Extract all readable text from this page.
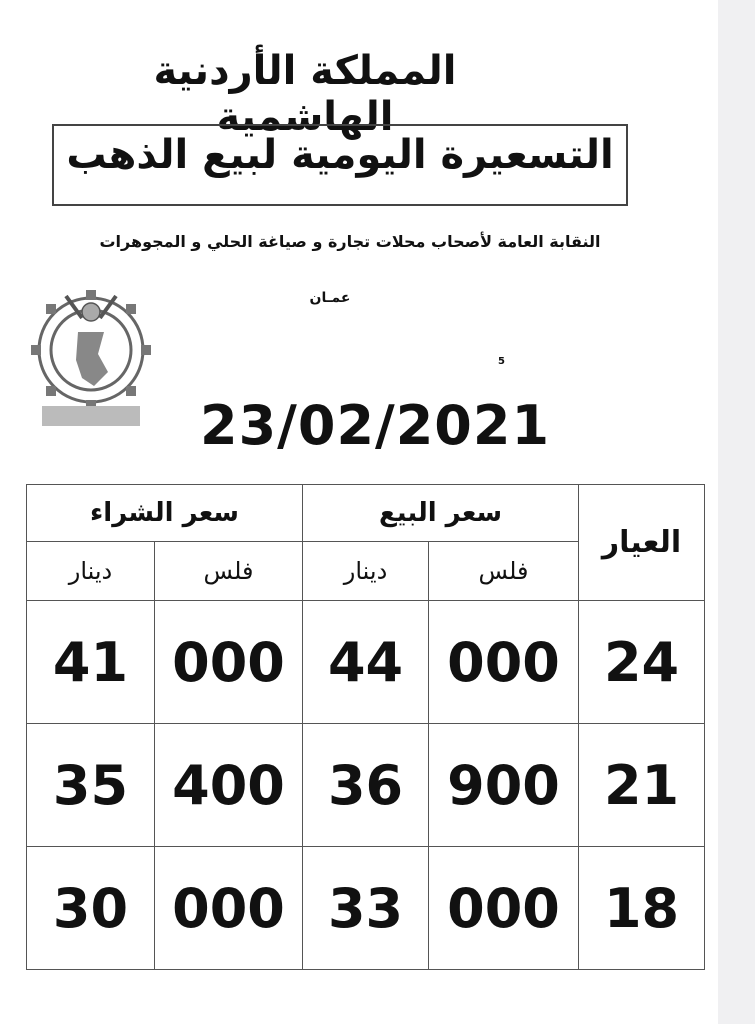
المملكة الأردنية الهاشمية
التسعيرة اليومية لبيع الذهب
النقابة العامة لأصحاب محلات تجارة و صياغة الحلي و المجوهرات
عمـان
5
23/02/2021
سعر الشراء		سعر البيع		العيار
دينار	فلس	دينار	فلس	
41	000	44	000	24
35	400	36	900	21
30	000	33	000	18
